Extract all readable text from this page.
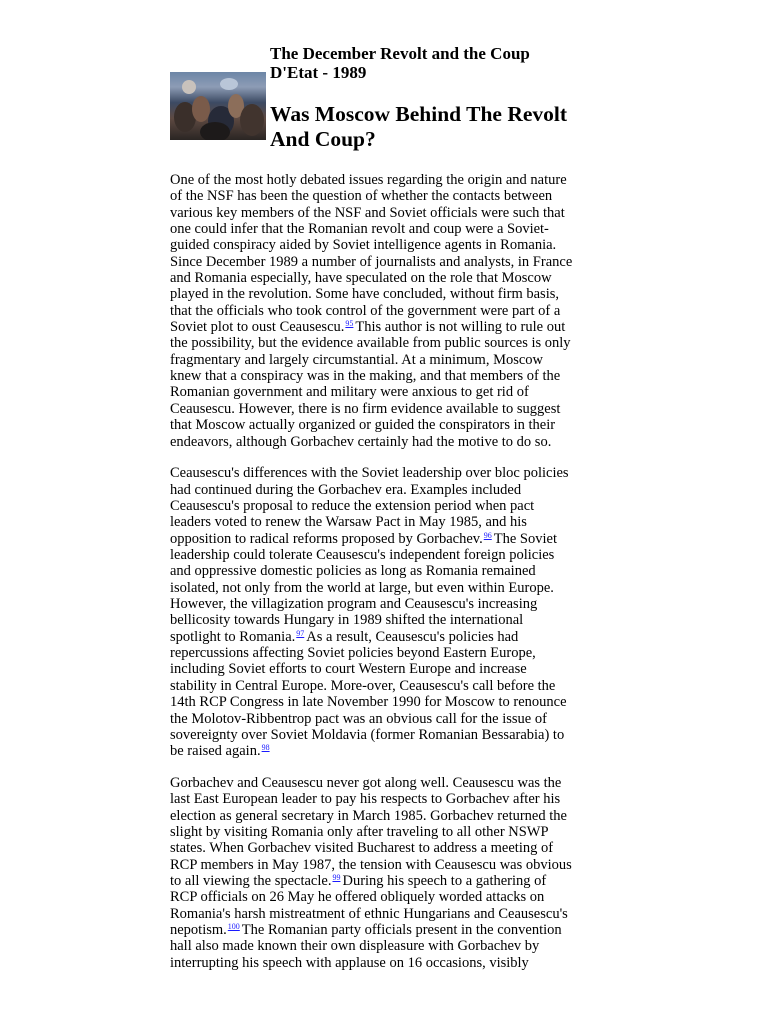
The December Revolt and the Coup
D'Etat - 1989
Was Moscow Behind The Revolt
And Coup?

One of the most hotly debated issues regarding the origin and nature
of the NSF has been the question of whether the contacts between
various key members of the NSF and Soviet officials were such that
one could infer that the Romanian revolt and coup were a Soviet-
guided conspiracy aided by Soviet intelligence agents in Romania.
Since December 1989 a number of journalists and analysts, in France
and Romania especially, have speculated on the role that Moscow
played in the revolution. Some have concluded, without firm basis,
that the officials who took control of the government were part of a
Soviet plot to oust Ceausescu.$^{95}$ This author is not willing to rule out
the possibility, but the evidence available from public sources is only
fragmentary and largely circumstantial. At a minimum, Moscow
knew that a conspiracy was in the making, and that members of the
Romanian government and military were anxious to get rid of
Ceausescu. However, there is no firm evidence available to suggest
that Moscow actually organized or guided the conspirators in their
endeavors, although Gorbachev certainly had the motive to do so.

Ceausescu's differences with the Soviet leadership over bloc policies
had continued during the Gorbachev era. Examples included
Ceausescu's proposal to reduce the extension period when pact
leaders voted to renew the Warsaw Pact in May 1985, and his
opposition to radical reforms proposed by Gorbachev.$^{96}$ The Soviet
leadership could tolerate Ceausescu's independent foreign policies
and oppressive domestic policies as long as Romania remained
isolated, not only from the world at large, but even within Europe.
However, the villagization program and Ceausescu's increasing
bellicosity towards Hungary in 1989 shifted the international
spotlight to Romania.$^{97}$ As a result, Ceausescu's policies had
repercussions affecting Soviet policies beyond Eastern Europe,
including Soviet efforts to court Western Europe and increase
stability in Central Europe. More-over, Ceausescu's call before the
14th RCP Congress in late November 1990 for Moscow to renounce
the Molotov-Ribbentrop pact was an obvious call for the issue of
sovereignty over Soviet Moldavia (former Romanian Bessarabia) to
be raised again.$^{98}$

Gorbachev and Ceausescu never got along well. Ceausescu was the
last East European leader to pay his respects to Gorbachev after his
election as general secretary in March 1985. Gorbachev returned the
slight by visiting Romania only after traveling to all other NSWP
states. When Gorbachev visited Bucharest to address a meeting of
RCP members in May 1987, the tension with Ceausescu was obvious
to all viewing the spectacle.$^{99}$ During his speech to a gathering of
RCP officials on 26 May he offered obliquely worded attacks on
Romania's harsh mistreatment of ethnic Hungarians and Ceausescu's
nepotism.$^{100}$ The Romanian party officials present in the convention
hall also made known their own displeasure with Gorbachev by
interrupting his speech with applause on 16 occasions, visibly
